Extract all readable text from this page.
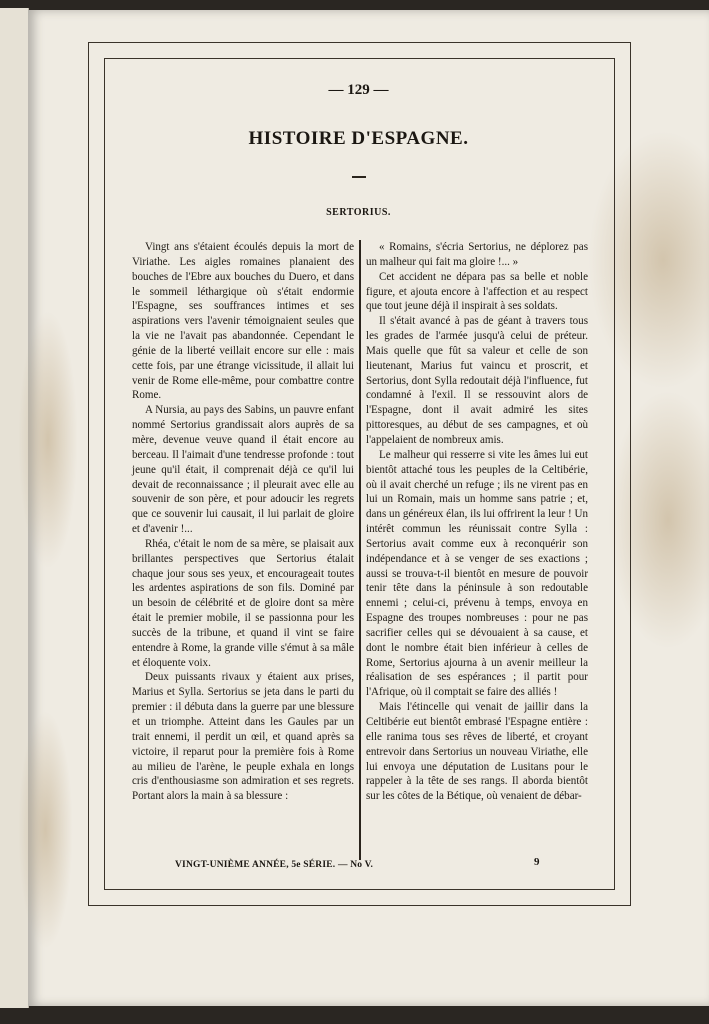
— 129 —
HISTOIRE D'ESPAGNE.
SERTORIUS.

Vingt ans s'étaient écoulés depuis la mort de Viriathe. Les aigles romaines planaient des bouches de l'Ebre aux bouches du Duero, et dans le sommeil léthargique où s'était endormie l'Espagne, ses souffrances intimes et ses aspirations vers l'avenir témoignaient seules que la vie ne l'avait pas abandonnée. Cependant le génie de la liberté veillait encore sur elle : mais cette fois, par une étrange vicissitude, il allait lui venir de Rome elle-même, pour combattre contre Rome.

A Nursia, au pays des Sabins, un pauvre enfant nommé Sertorius grandissait alors auprès de sa mère, devenue veuve quand il était encore au berceau. Il l'aimait d'une tendresse profonde : tout jeune qu'il était, il comprenait déjà ce qu'il lui devait de reconnaissance ; il pleurait avec elle au souvenir de son père, et pour adoucir les regrets que ce souvenir lui causait, il lui parlait de gloire et d'avenir !...

Rhéa, c'était le nom de sa mère, se plaisait aux brillantes perspectives que Sertorius étalait chaque jour sous ses yeux, et encourageait toutes les ardentes aspirations de son fils. Dominé par un besoin de célébrité et de gloire dont sa mère était le premier mobile, il se passionna pour les succès de la tribune, et quand il vint se faire entendre à Rome, la grande ville s'émut à sa mâle et éloquente voix.

Deux puissants rivaux y étaient aux prises, Marius et Sylla. Sertorius se jeta dans le parti du premier : il débuta dans la guerre par une blessure et un triomphe. Atteint dans les Gaules par un trait ennemi, il perdit un œil, et quand après sa victoire, il reparut pour la première fois à Rome au milieu de l'arène, le peuple exhala en longs cris d'enthousiasme son admiration et ses regrets. Portant alors la main à sa blessure :

« Romains, s'écria Sertorius, ne déplorez pas un malheur qui fait ma gloire !... »

Cet accident ne dépara pas sa belle et noble figure, et ajouta encore à l'affection et au respect que tout jeune déjà il inspirait à ses soldats.

Il s'était avancé à pas de géant à travers tous les grades de l'armée jusqu'à celui de préteur. Mais quelle que fût sa valeur et celle de son lieutenant, Marius fut vaincu et proscrit, et Sertorius, dont Sylla redoutait déjà l'influence, fut condamné à l'exil. Il se ressouvint alors de l'Espagne, dont il avait admiré les sites pittoresques, au début de ses campagnes, et où l'appelaient de nombreux amis.

Le malheur qui resserre si vite les âmes lui eut bientôt attaché tous les peuples de la Celtibérie, où il avait cherché un refuge ; ils ne virent pas en lui un Romain, mais un homme sans patrie ; et, dans un généreux élan, ils lui offrirent la leur ! Un intérêt commun les réunissait contre Sylla : Sertorius avait comme eux à reconquérir son indépendance et à se venger de ses exactions ; aussi se trouva-t-il bientôt en mesure de pouvoir tenir tête dans la péninsule à son redoutable ennemi ; celui-ci, prévenu à temps, envoya en Espagne des troupes nombreuses : pour ne pas sacrifier celles qui se dévouaient à sa cause, et dont le nombre était bien inférieur à celles de Rome, Sertorius ajourna à un avenir meilleur la réalisation de ses espérances ; il partit pour l'Afrique, où il comptait se faire des alliés !

Mais l'étincelle qui venait de jaillir dans la Celtibérie eut bientôt embrasé l'Espagne entière : elle ranima tous ses rêves de liberté, et croyant entrevoir dans Sertorius un nouveau Viriathe, elle lui envoya une députation de Lusitans pour le rappeler à la tête de ses rangs. Il aborda bientôt sur les côtes de la Bétique, où venaient de débar-

VINGT-UNIÈME ANNÉE, 5e SÉRIE. — No V.	9
